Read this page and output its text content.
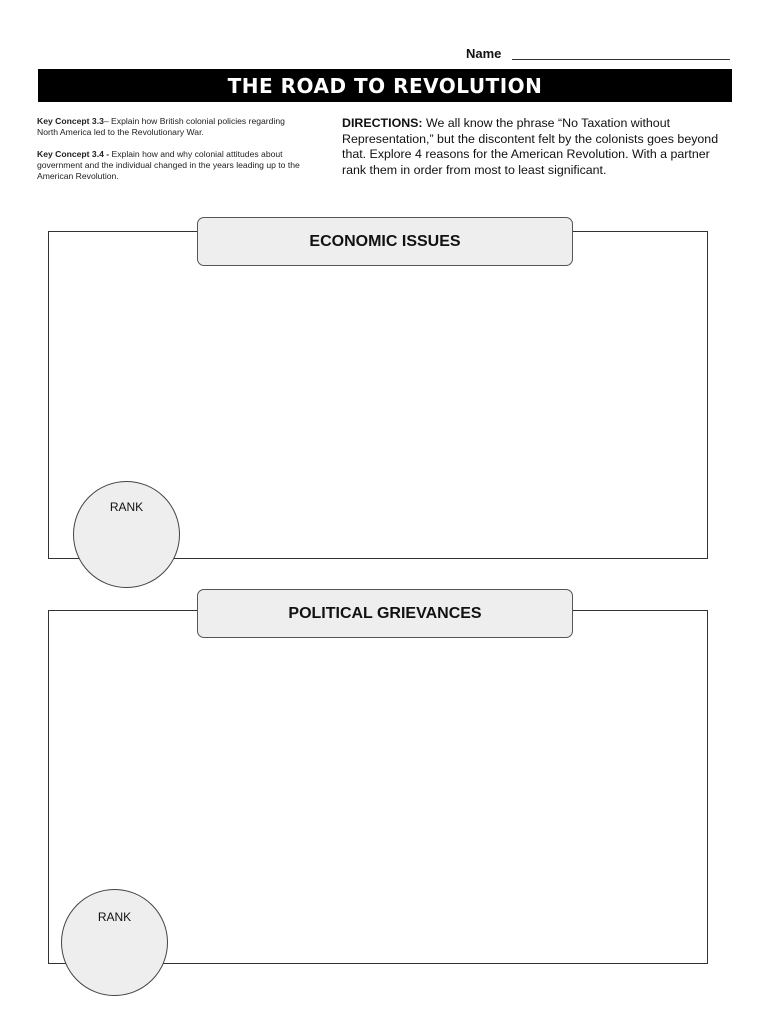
Name
THE ROAD TO REVOLUTION

Key Concept 3.3– Explain how British colonial policies regarding North America led to the Revolutionary War.

Key Concept 3.4 - Explain how and why colonial attitudes about government and the individual changed in the years leading up to the American Revolution.

DIRECTIONS: We all know the phrase “No Taxation without Representation,” but the discontent felt by the colonists goes beyond that. Explore 4 reasons for the American Revolution. With a partner rank them in order from most to least significant.
ECONOMIC ISSUES
RANK
POLITICAL GRIEVANCES
RANK
